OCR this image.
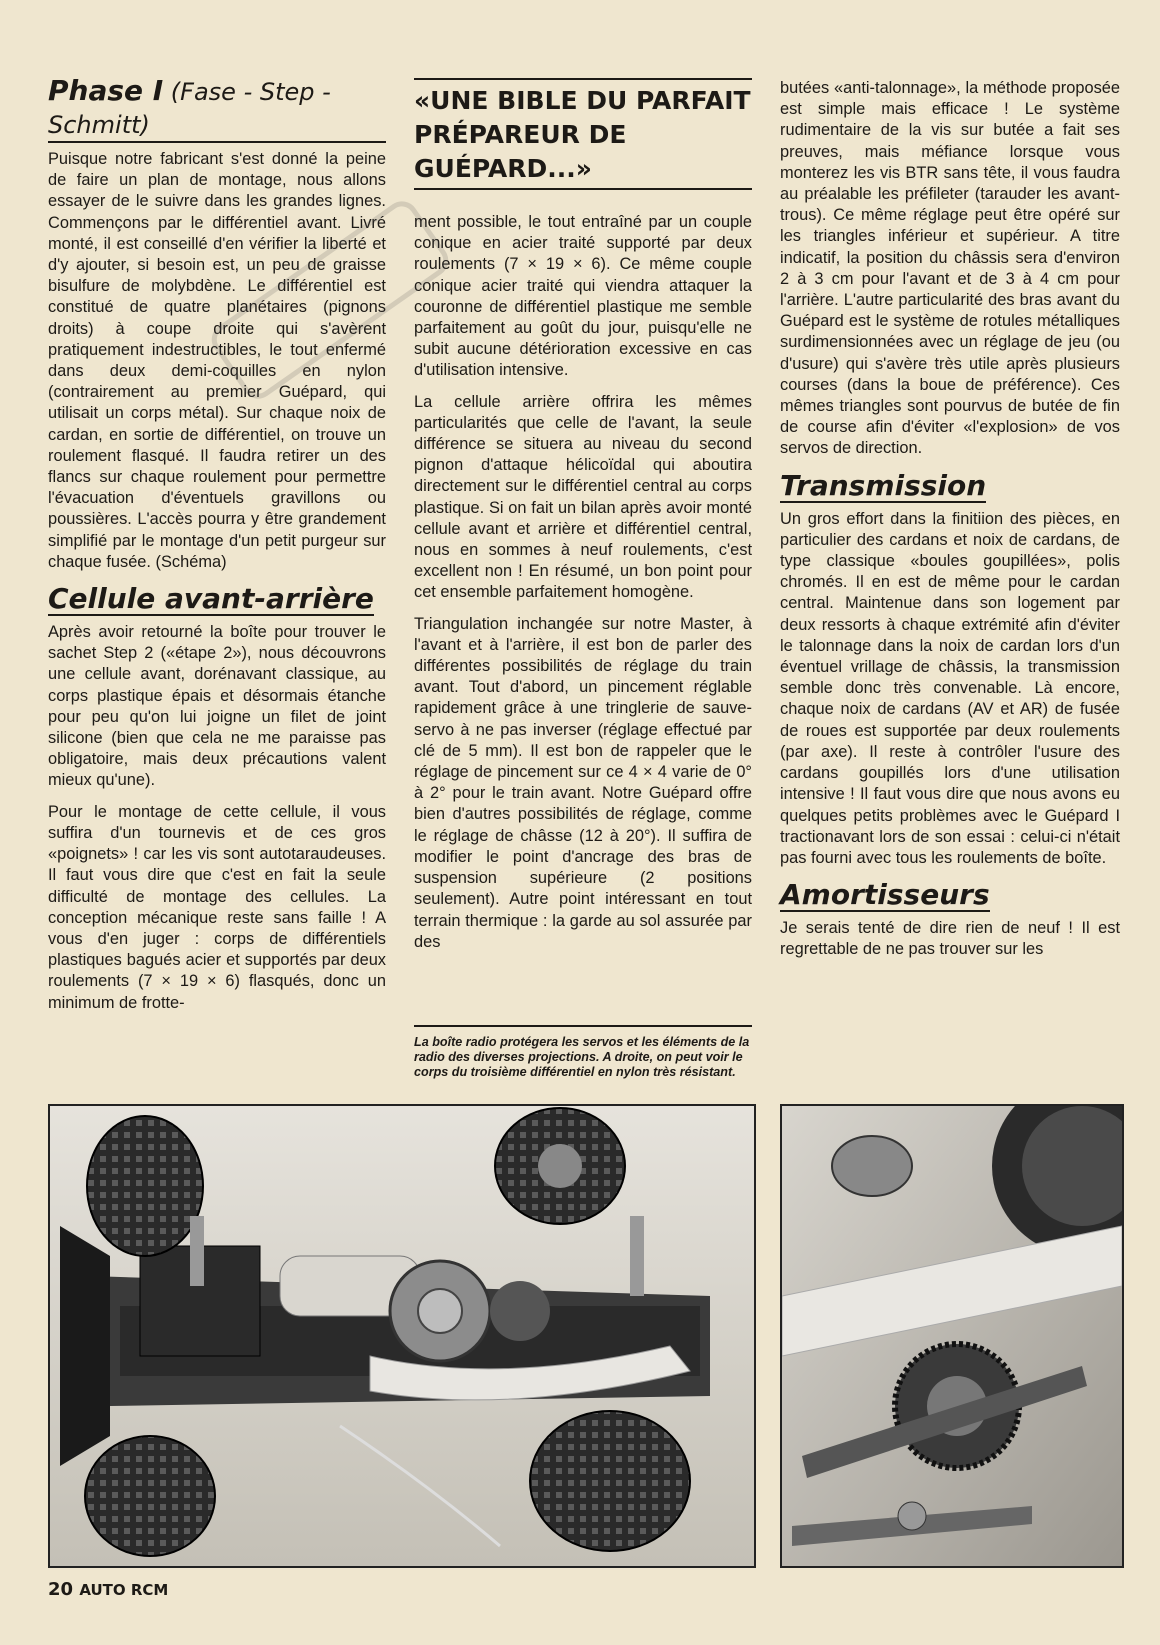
Phase I (Fase - Step - Schmitt)

Puisque notre fabricant s'est donné la peine de faire un plan de montage, nous allons essayer de le suivre dans les grandes lignes. Commençons par le différentiel avant. Livré monté, il est conseillé d'en vérifier la liberté et d'y ajouter, si besoin est, un peu de graisse bisulfure de molybdène. Le différentiel est constitué de quatre planétaires (pignons droits) à coupe droite qui s'avèrent pratiquement indestructibles, le tout enfermé dans deux demi-coquilles en nylon (contrairement au premier Guépard, qui utilisait un corps métal). Sur chaque noix de cardan, en sortie de différentiel, on trouve un roulement flasqué. Il faudra retirer un des flancs sur chaque roulement pour permettre l'évacuation d'éventuels gravillons ou poussières. L'accès pourra y être grandement simplifié par le montage d'un petit purgeur sur chaque fusée. (Schéma)

Cellule avant-arrière

Après avoir retourné la boîte pour trouver le sachet Step 2 («étape 2»), nous découvrons une cellule avant, dorénavant classique, au corps plastique épais et désormais étanche pour peu qu'on lui joigne un filet de joint silicone (bien que cela ne me paraisse pas obligatoire, mais deux précautions valent mieux qu'une).

Pour le montage de cette cellule, il vous suffira d'un tournevis et de ces gros «poignets» ! car les vis sont autotaraudeuses. Il faut vous dire que c'est en fait la seule difficulté de montage des cellules. La conception mécanique reste sans faille ! A vous d'en juger : corps de différentiels plastiques bagués acier et supportés par deux roulements (7 × 19 × 6) flasqués, donc un minimum de frotte-

«UNE BIBLE DU PARFAIT
PRÉPAREUR DE
GUÉPARD...»

ment possible, le tout entraîné par un couple conique en acier traité supporté par deux roulements (7 × 19 × 6). Ce même couple conique acier traité qui viendra attaquer la couronne de différentiel plastique me semble parfaitement au goût du jour, puisqu'elle ne subit aucune détérioration excessive en cas d'utilisation intensive.

La cellule arrière offrira les mêmes particularités que celle de l'avant, la seule différence se situera au niveau du second pignon d'attaque hélicoïdal qui aboutira directement sur le différentiel central au corps plastique. Si on fait un bilan après avoir monté cellule avant et arrière et différentiel central, nous en sommes à neuf roulements, c'est excellent non ! En résumé, un bon point pour cet ensemble parfaitement homogène.

Triangulation inchangée sur notre Master, à l'avant et à l'arrière, il est bon de parler des différentes possibilités de réglage du train avant. Tout d'abord, un pincement réglable rapidement grâce à une tringlerie de sauve-servo à ne pas inverser (réglage effectué par clé de 5 mm). Il est bon de rappeler que le réglage de pincement sur ce 4 × 4 varie de 0° à 2° pour le train avant. Notre Guépard offre bien d'autres possibilités de réglage, comme le réglage de châsse (12 à 20°). Il suffira de modifier le point d'ancrage des bras de suspension supérieure (2 positions seulement). Autre point intéressant en tout terrain thermique : la garde au sol assurée par des

butées «anti-talonnage», la méthode proposée est simple mais efficace ! Le système rudimentaire de la vis sur butée a fait ses preuves, mais méfiance lorsque vous monterez les vis BTR sans tête, il vous faudra au préalable les préfileter (tarauder les avant-trous). Ce même réglage peut être opéré sur les triangles inférieur et supérieur. A titre indicatif, la position du châssis sera d'environ 2 à 3 cm pour l'avant et de 3 à 4 cm pour l'arrière. L'autre particularité des bras avant du Guépard est le système de rotules métalliques surdimensionnées avec un réglage de jeu (ou d'usure) qui s'avère très utile après plusieurs courses (dans la boue de préférence). Ces mêmes triangles sont pourvus de butée de fin de course afin d'éviter «l'explosion» de vos servos de direction.

Transmission

Un gros effort dans la finitiion des pièces, en particulier des cardans et noix de cardans, de type classique «boules goupillées», polis chromés. Il en est de même pour le cardan central. Maintenue dans son logement par deux ressorts à chaque extrémité afin d'éviter le talonnage dans la noix de cardan lors d'un éventuel vrillage de châssis, la transmission semble donc très convenable. Là encore, chaque noix de cardans (AV et AR) de fusée de roues est supportée par deux roulements (par axe). Il reste à contrôler l'usure des cardans goupillés lors d'une utilisation intensive ! Il faut vous dire que nous avons eu quelques petits problèmes avec le Guépard I tractionavant lors de son essai : celui-ci n'était pas fourni avec tous les roulements de boîte.

Amortisseurs

Je serais tenté de dire rien de neuf ! Il est regrettable de ne pas trouver sur les

La boîte radio protégera les servos et les éléments de la radio des diverses projections. A droite, on peut voir le corps du troisième différentiel en nylon très résistant.
20 AUTO RCM
